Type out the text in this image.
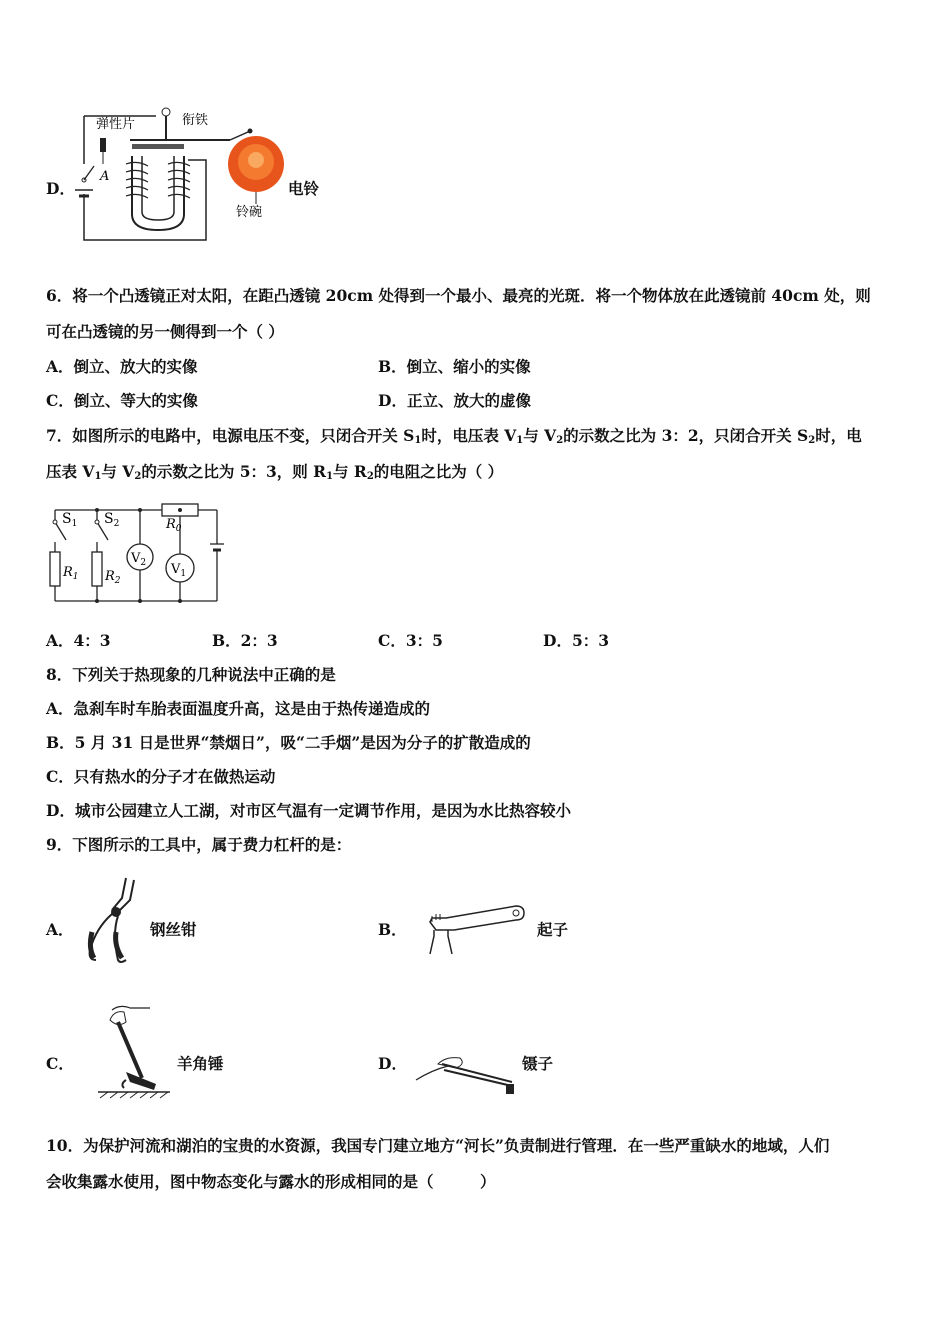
D．
弹性片	衔铁
A
铃碗
电铃
6．将一个凸透镜正对太阳，在距凸透镜 20cm 处得到一个最小、最亮的光斑．将一个物体放在此透镜前 40cm 处，则
可在凸透镜的另一侧得到一个（ ）
A．倒立、放大的实像	B．倒立、缩小的实像
C．倒立、等大的实像	D．正立、放大的虚像
7．如图所示的电路中，电源电压不变，只闭合开关 $S_1$时，电压表 $V_1$与 $V_2$的示数之比为 3：2，只闭合开关 $S_2$时，电
压表 $V_1$与 $V_2$的示数之比为 5：3，则 $R_1$与 $R_2$的电阻之比为（ ）
$S_1$ $S_2$	$R_0$
$R_1$ $R_2$
$V_2$ $V_1$
A．4：3	B．2：3	C．3：5	D．5：3
8．下列关于热现象的几种说法中正确的是
A．急刹车时车胎表面温度升高，这是由于热传递造成的
B．5 月 31 日是世界“禁烟日”，吸“二手烟”是因为分子的扩散造成的
C．只有热水的分子才在做热运动
D．城市公园建立人工湖，对市区气温有一定调节作用，是因为水比热容较小
9．下图所示的工具中，属于费力杠杆的是：
A．	钢丝钳	B．	起子
C．	羊角锤	D．	镊子
10．为保护河流和湖泊的宝贵的水资源，我国专门建立地方“河长”负责制进行管理．在一些严重缺水的地域，人们
会收集露水使用，图中物态变化与露水的形成相同的是（　　　）
